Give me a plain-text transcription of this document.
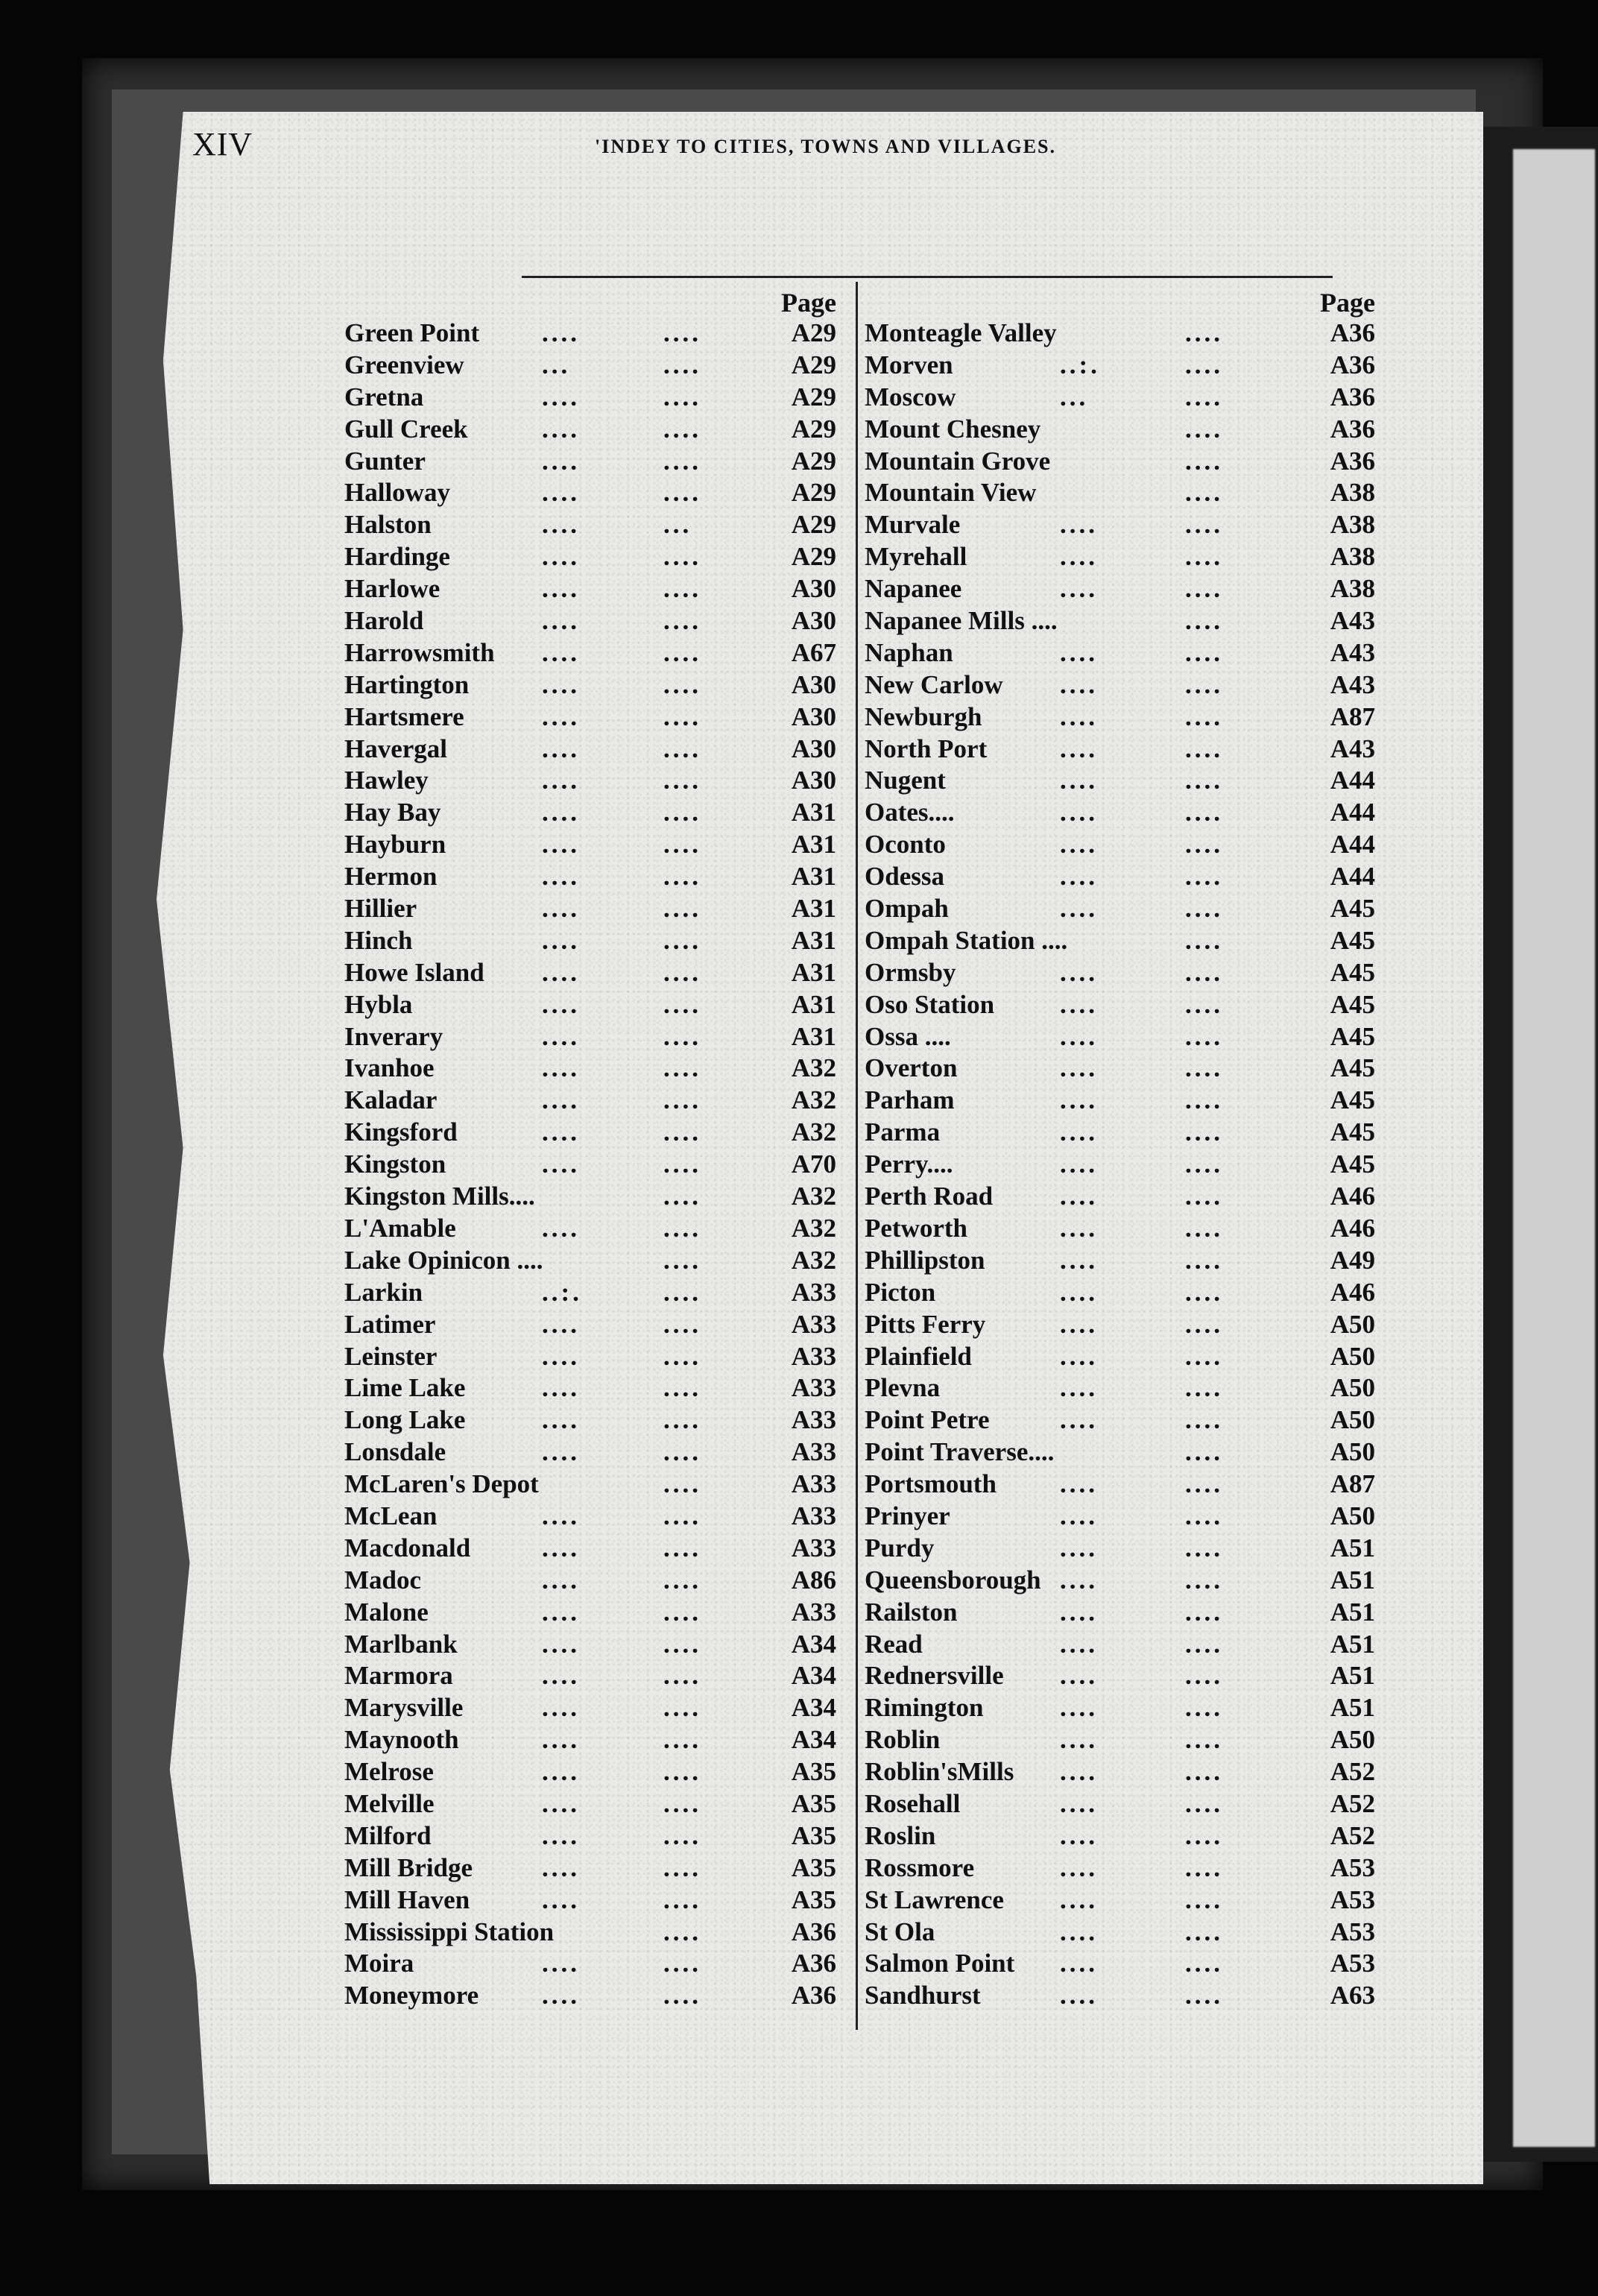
XIV	'INDEY TO CITIES, TOWNS AND VILLAGES.
Page
Green Point ....	....	A29
Greenview	...	....	A29
Gretna	....	....	A29
Gull Creek	....	....	A29
Gunter	....	....	A29
Halloway	....	....	A29
Halston	....	...	A29
Hardinge	....	....	A29
Harlowe	....	....	A30
Harold	....	....	A30
Harrowsmith ....	....	A67
Hartington	....	....	A30
Hartsmere	....	....	A30
Havergal	....	....	A30
Hawley	....	....	A30
Hay Bay	....	....	A31
Hayburn	....	....	A31
Hermon	....	....	A31
Hillier	....	....	A31
Hinch	....	....	A31
Howe Island ....	....	A31
Hybla	....	....	A31
Inverary	....	....	A31
Ivanhoe	....	....	A32
Kaladar	....	....	A32
Kingsford	....	....	A32
Kingston	....	....	A70
Kingston Mills....	....	A32
L'Amable	....	....	A32
Lake Opinicon ....	....	A32
Larkin	..:.	....	A33
Latimer	....	....	A33
Leinster	....	....	A33
Lime Lake	....	....	A33
Long Lake	....	....	A33
Lonsdale	....	....	A33
McLaren's Depot	....	A33
McLean	....	....	A33
Macdonald	....	....	A33
Madoc	....	....	A86
Malone	....	....	A33
Marlbank	....	....	A34
Marmora	....	....	A34
Marysville	....	....	A34
Maynooth	....	....	A34
Melrose	....	....	A35
Melville	....	....	A35
Milford	....	....	A35
Mill Bridge	....	....	A35
Mill Haven	....	....	A35
Mississippi Station	....	A36
Moira	....	....	A36
Moneymore ....	....	A36
Page
Monteagle Valley	....	A36
Morven	..:.	....	A36
Moscow	...	....	A36
Mount Chesney	....	A36
Mountain Grove	....	A36
Mountain View	....	A38
Murvale	....	....	A38
Myrehall	....	....	A38
Napanee	....	....	A38
Napanee Mills ....	....	A43
Naphan	....	....	A43
New Carlow ....	....	A43
Newburgh	....	....	A87
North Port	....	....	A43
Nugent	....	....	A44
Oates....	....	....	A44
Oconto	....	....	A44
Odessa	....	....	A44
Ompah	....	....	A45
Ompah Station ....	....	A45
Ormsby	....	....	A45
Oso Station	....	....	A45
Ossa ....	....	....	A45
Overton	....	....	A45
Parham	....	....	A45
Parma	....	....	A45
Perry....	....	....	A45
Perth Road	....	....	A46
Petworth	....	....	A46
Phillipston	....	....	A49
Picton	....	....	A46
Pitts Ferry	....	....	A50
Plainfield	....	....	A50
Plevna	....	....	A50
Point Petre	....	....	A50
Point Traverse....	....	A50
Portsmouth ....	....	A87
Prinyer	....	....	A50
Purdy	....	....	A51
Queensborough ....	....	A51
Railston	....	....	A51
Read	....	....	A51
Rednersville ....	....	A51
Rimington	....	....	A51
Roblin	....	....	A50
Roblin'sMills ....	....	A52
Rosehall	....	....	A52
Roslin	....	....	A52
Rossmore	....	....	A53
St Lawrence ....	....	A53
St Ola	....	....	A53
Salmon Point ....	....	A53
Sandhurst	....	....	A63
